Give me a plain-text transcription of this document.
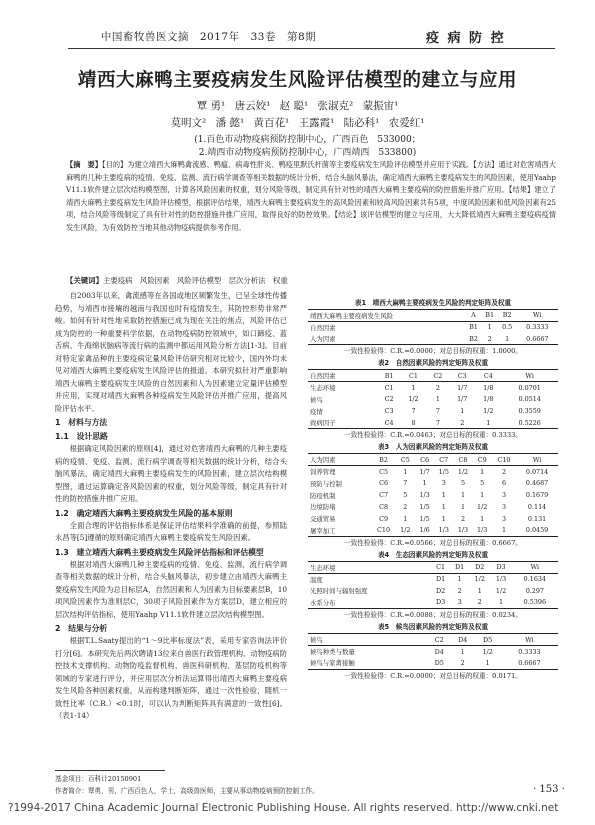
中国畜牧兽医文摘　2017年　33卷　第8期	疫 病 防 控
靖西大麻鸭主要疫病发生风险评估模型的建立与应用
覃 勇¹ 唐云姣¹ 赵 聪¹ 张淑克² 蒙振宙¹
莫明文² 潘 懿¹ 黄百花¹ 王露霞¹ 陆必科¹ 农爱红¹
(1.百色市动物疫病预防控制中心，广西百色　533000；
2.靖西市动物疫病预防控制中心，广西靖西　533800)
【摘　要】【目的】为建立靖西大麻鸭禽流感、鸭瘟、病毒性肝炎、鸭疫里默氏杆菌等主要疫病发生风险评估模型并应用于实践。【方法】通过对危害靖西大麻鸭的几种主要疫病的疫情、免疫、监测、流行病学调查等相关数据的统计分析，结合头脑风暴法，确定靖西大麻鸭主要疫病发生的风险因素，使用Yaahp V11.1软件建立层次结构模型图，计算各风险因素的权重，划分风险等级，制定具有针对性的靖西大麻鸭主要疫病的防控措施并推广应用。【结果】建立了靖西大麻鸭主要疫病发生风险评估模型，根据评估结果，靖西大麻鸭主要疫病发生的高风险因素和较高风险因素共有5项，中度风险因素和低风险因素有25项，结合风险等级制定了具有针对性的防控措施并推广应用，取得良好的防控效果。【结论】该评估模型的建立与应用，大大降低靖西大麻鸭主要疫病疫情发生风险，为有效防控当地其他动物疫病提供参考作用。
【关键词】主要疫病　风险因素　风险评估模型　层次分析法　权重

自2003年以来，禽流感等在各国或地区频繁发生，已呈全球性传播趋势，与靖西市接壤的越南与我国也时有疫情发生，其防控形势非常严峻。如何有针对性地采取防控措施已成为现在关注的焦点，风险评估已成为防控的一种重要科学依据，在动物疫病防控领域中，如口蹄疫、蓝舌病、牛海绵状脑病等流行病的监测中都运用风险分析方法[1-3]。目前对特定家禽品种的主要疫病定量风险评估研究相对比较少，国内外均未见对靖西大麻鸭主要疫病发生风险评估的报道。本研究拟针对严重影响靖西大麻鸭主要疫病发生风险的自然因素和人为因素建立定量评估模型并应用，实现对靖西大麻鸭各种疫病发生风险评估并推广应用，提高风险评估水平。

1　材料与方法
1.1　设计思路

根据确定风险因素的原则[4]，通过对危害靖西大麻鸭的几种主要疫病的疫情、免疫、监测、流行病学调查等相关数据的统计分析，结合头脑风暴法，确定靖西大麻鸭主要疫病发生的风险因素，建立层次结构模型图，通过运算确定各风险因素的权重，划分风险等级，制定具有针对性的防控措施并推广应用。

1.2　确定靖西大麻鸭主要疫病发生风险的基本原则

全面合理的评估指标体系是保证评估结果科学准确的前提，参照陆永昌等[5]遵循的原则确定靖西大麻鸭主要疫病发生风险因素。

1.3　建立靖西大麻鸭主要疫病发生风险评估指标和评估模型

根据对靖西大麻鸭几种主要疫病的疫情、免疫、监测、流行病学调查等相关数据的统计分析，结合头脑风暴法，初步建立由靖西大麻鸭主要疫病发生风险为总目标层A，自然因素和人为因素为目标要素层B，10项风险因素作为准则层C，30项子风险因素作为方案层D，建立相应的层次结构评估指标，使用Yaahp V11.1软件建立层次结构模型图。

2　结果与分析

根据T.L.Saaty提出的“1～9比率标度法”表，采用专家咨询法评价打分[6]。本研究先后两次聘请13位来自兽医行政管理机构、动物疫病防控技术支撑机构、动物防疫监督机构、兽医科研机构、基层防疫机构等领域的专家进行评分，并应用层次分析法运算得出靖西大麻鸭主要疫病发生风险各种因素权重，从而构建判断矩阵，通过一次性检验，随机一致性比率（C.R.）<0.1时，可以认为判断矩阵具有满意的一致性[6]。（表1-14）

表1　靖西大麻鸭主要疫病发生风险的判定矩阵及权重
靖西大麻鸭主要疫病发生风险	A	B1	B2	Wi
自然因素	B1	1	0.5	0.3333
人为因素	B2	2	1	0.6667
一致性检验得：C.R.=0.0000；对总目标的权重：1.0000。
表2　自然因素风险的判定矩阵及权重
自然因素	B1	C1	C2	C3	C4	Wi
生态环境	C1	1	2	1/7	1/8	0.0701
候鸟	C2	1/2	1	1/7	1/8	0.0514
疫情	C3	7	7	1	1/2	0.3559
致病因子	C4	8	7	2	1	0.5226
一致性检验得：C.R.=0.0463；对总目标的权重：0.3333。
表3　人为因素风险的判定矩阵及权重
人为因素	B2	C5	C6	C7	C8	C9	C10	Wi
饲养管理	C5	1	1/7	1/5	1/2	1	2	0.0714
预防与控制	C6	7	1	3	5	5	6	0.4687
防疫机制	C7	5	1/3	1	1	1	3	0.1679
边境防堵	C8	2	1/5	1	1	1/2	3	0.114
交通贸易	C9	1	1/5	1	2	1	3	0.131
屠宰加工	C10	1/2	1/6	1/3	1/3	1/3	1	0.0459
一致性检验得：C.R.=0.0566；对总目标的权重：0.6667。
表4　生态因素风险的判定矩阵及权重
生态环境	C1	D1	D2	D3	Wi
温度	D1	1	1/2	1/3	0.1634
光照时间与辐射强度	D2	2	1	1/2	0.297
水系分布	D3	3	2	1	0.5396
一致性检验得：C.R.=0.0088；对总目标的权重：0.0234。
表5　候鸟因素风险的判定矩阵及权重
候鸟	C2	D4	D5	Wi
候鸟种类与数量	D4	1	1/2	0.3333
候鸟与家禽接触	D5	2	1	0.6667
一致性检验得：C.R.=0.0000；对总目标的权重：0.0171。
基金项目：百科计20150901
作者简介：覃勇，男，广西百色人，学士，高级兽医师，主要从事动物疫病预防控制工作。	· 153 ·
?1994-2017 China Academic Journal Electronic Publishing House. All rights reserved. http://www.cnki.net
